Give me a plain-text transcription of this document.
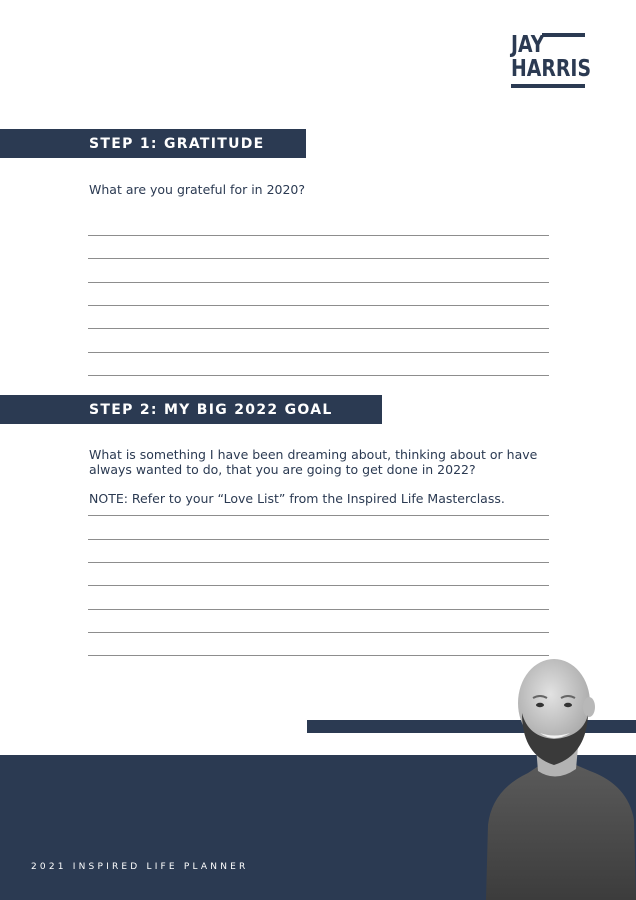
JAY
HARRIS
STEP 1: GRATITUDE
What are you grateful for in 2020?
STEP 2: MY BIG 2022 GOAL
What is something I have been dreaming about, thinking about or have always wanted to do, that you are going to get done in 2022?
NOTE: Refer to your “Love List” from the Inspired Life Masterclass.
2021 INSPIRED LIFE PLANNER
